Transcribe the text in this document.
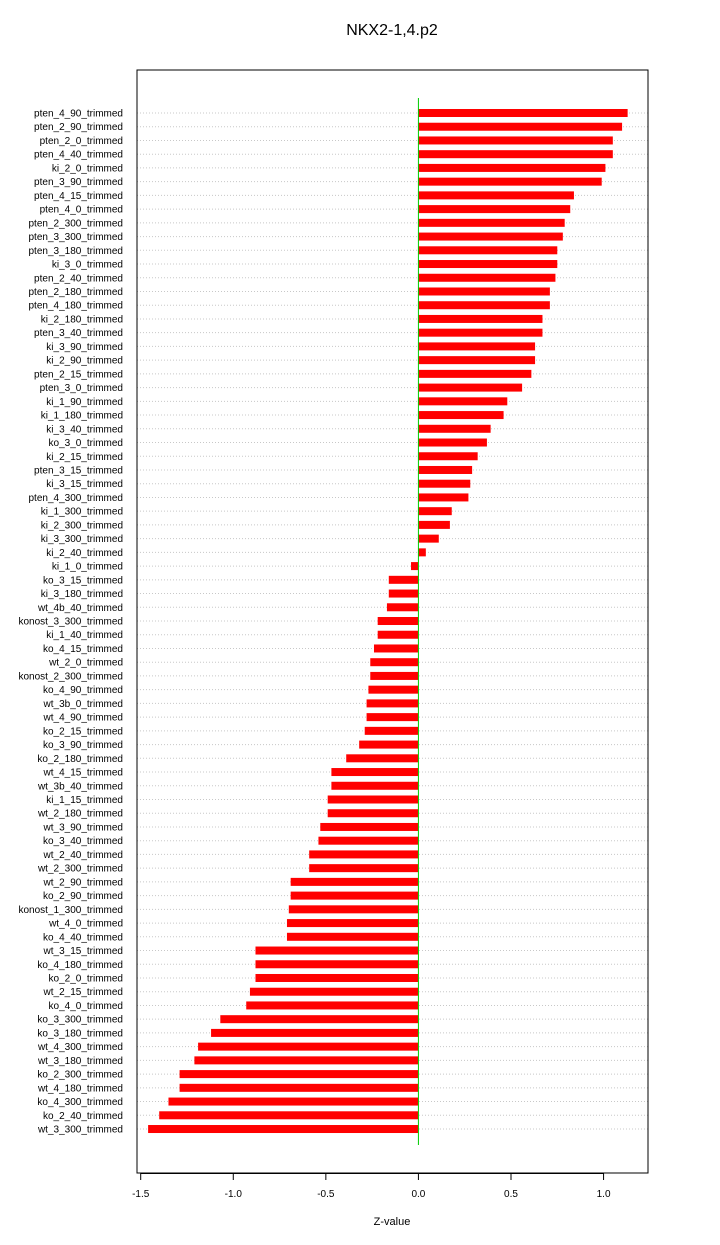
NKX2-1,4.p2
pten_4_90_trimmed
pten_2_90_trimmed
pten_2_0_trimmed
pten_4_40_trimmed
ki_2_0_trimmed
pten_3_90_trimmed
pten_4_15_trimmed
pten_4_0_trimmed
pten_2_300_trimmed
pten_3_300_trimmed
pten_3_180_trimmed
ki_3_0_trimmed
pten_2_40_trimmed
pten_2_180_trimmed
pten_4_180_trimmed
ki_2_180_trimmed
pten_3_40_trimmed
ki_3_90_trimmed
ki_2_90_trimmed
pten_2_15_trimmed
pten_3_0_trimmed
ki_1_90_trimmed
ki_1_180_trimmed
ki_3_40_trimmed
ko_3_0_trimmed
ki_2_15_trimmed
pten_3_15_trimmed
ki_3_15_trimmed
pten_4_300_trimmed
ki_1_300_trimmed
ki_2_300_trimmed
ki_3_300_trimmed
ki_2_40_trimmed
ki_1_0_trimmed
ko_3_15_trimmed
ki_3_180_trimmed
wt_4b_40_trimmed
konost_3_300_trimmed
ki_1_40_trimmed
ko_4_15_trimmed
wt_2_0_trimmed
konost_2_300_trimmed
ko_4_90_trimmed
wt_3b_0_trimmed
wt_4_90_trimmed
ko_2_15_trimmed
ko_3_90_trimmed
ko_2_180_trimmed
wt_4_15_trimmed
wt_3b_40_trimmed
ki_1_15_trimmed
wt_2_180_trimmed
wt_3_90_trimmed
ko_3_40_trimmed
wt_2_40_trimmed
wt_2_300_trimmed
wt_2_90_trimmed
ko_2_90_trimmed
konost_1_300_trimmed
wt_4_0_trimmed
ko_4_40_trimmed
wt_3_15_trimmed
ko_4_180_trimmed
ko_2_0_trimmed
wt_2_15_trimmed
ko_4_0_trimmed
ko_3_300_trimmed
ko_3_180_trimmed
wt_4_300_trimmed
wt_3_180_trimmed
ko_2_300_trimmed
wt_4_180_trimmed
ko_4_300_trimmed
ko_2_40_trimmed
wt_3_300_trimmed
-1.5	-1.0	-0.5	0.0	0.5	1.0
Z-value
